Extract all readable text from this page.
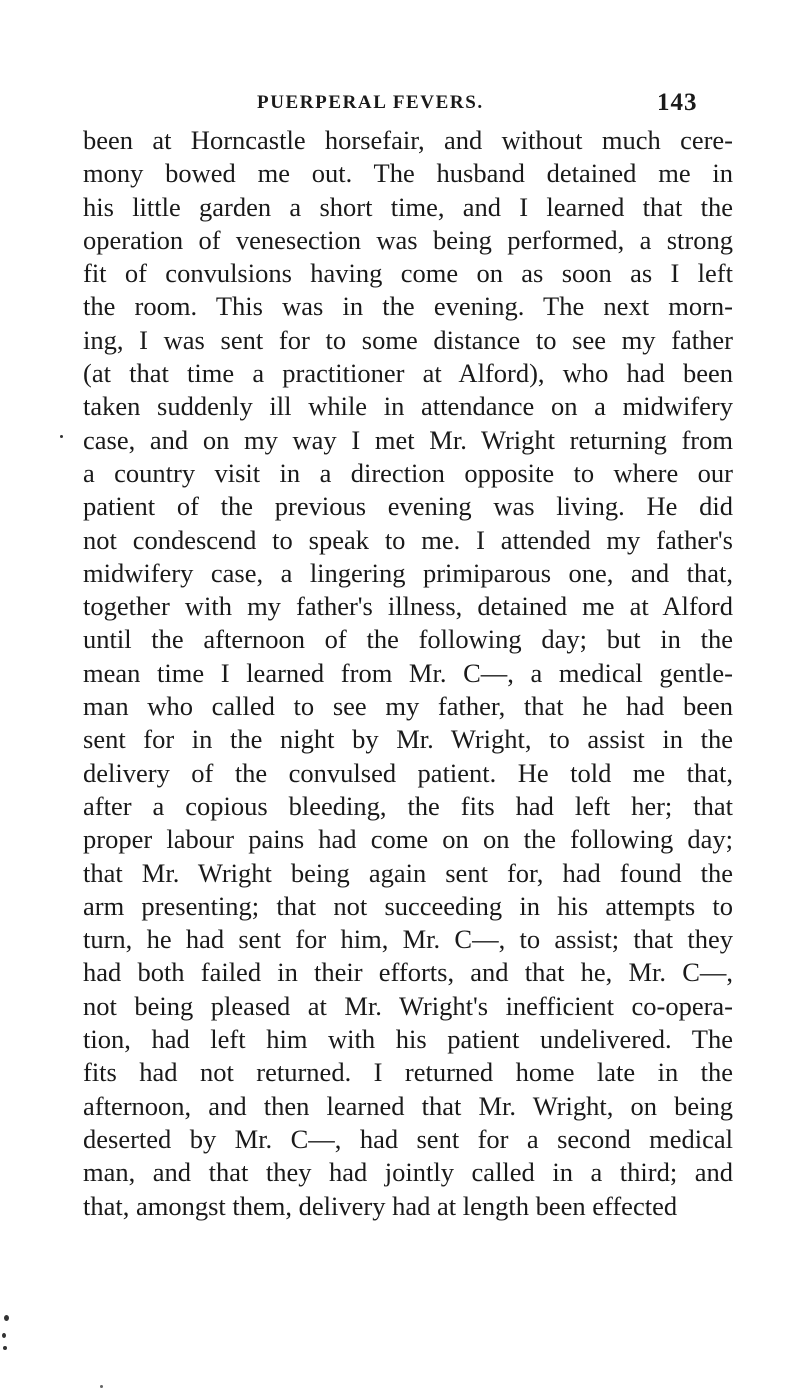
PUERPERAL FEVERS.	143
been at Horncastle horsefair, and without much cere-
mony bowed me out. The husband detained me in
his little garden a short time, and I learned that the
operation of venesection was being performed, a strong
fit of convulsions having come on as soon as I left
the room. This was in the evening. The next morn-
ing, I was sent for to some distance to see my father
(at that time a practitioner at Alford), who had been
taken suddenly ill while in attendance on a midwifery
case, and on my way I met Mr. Wright returning from
a country visit in a direction opposite to where our
patient of the previous evening was living. He did
not condescend to speak to me. I attended my father's
midwifery case, a lingering primiparous one, and that,
together with my father's illness, detained me at Alford
until the afternoon of the following day; but in the
mean time I learned from Mr. C—, a medical gentle-
man who called to see my father, that he had been
sent for in the night by Mr. Wright, to assist in the
delivery of the convulsed patient. He told me that,
after a copious bleeding, the fits had left her; that
proper labour pains had come on on the following day;
that Mr. Wright being again sent for, had found the
arm presenting; that not succeeding in his attempts to
turn, he had sent for him, Mr. C—, to assist; that they
had both failed in their efforts, and that he, Mr. C—,
not being pleased at Mr. Wright's inefficient co-opera-
tion, had left him with his patient undelivered. The
fits had not returned. I returned home late in the
afternoon, and then learned that Mr. Wright, on being
deserted by Mr. C—, had sent for a second medical
man, and that they had jointly called in a third; and
that, amongst them, delivery had at length been effected
